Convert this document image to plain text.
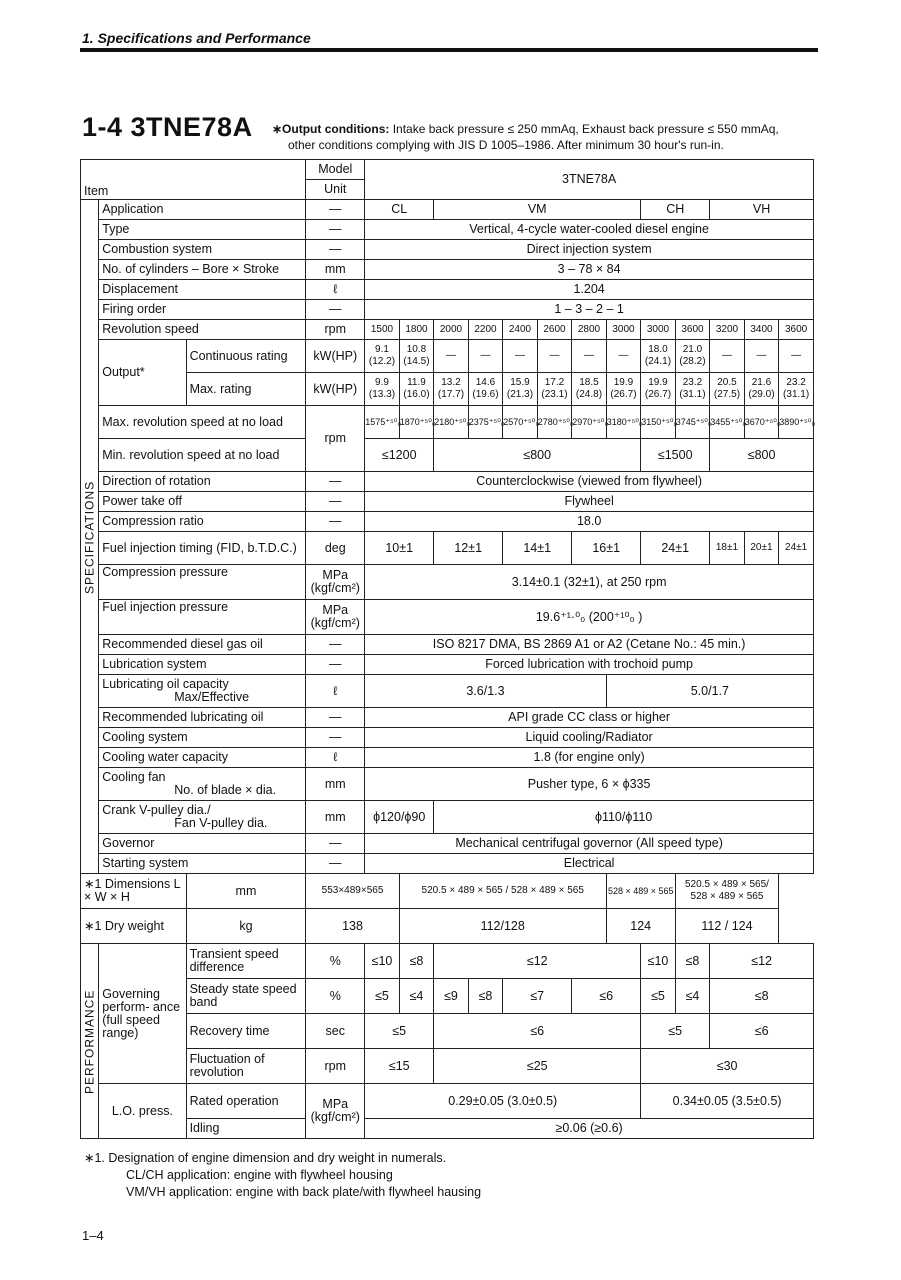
1. Specifications and Performance
1-4 3TNE78A ∗Output conditions: Intake back pressure ≤ 250 mmAq, Exhaust back pressure ≤ 550 mmAq,
other conditions complying with JIS D 1005–1986. After minimum 30 hour's run-in.
Item			Model	3TNE78A												
			Unit													
SPECIFICATIONS	Application		—	CL		VM						CH		VH		
	Type		—	Vertical, 4-cycle water-cooled diesel engine												
	Combustion system		—	Direct injection system												
	No. of cylinders – Bore × Stroke		mm	3 – 78 × 84												
	Displacement		ℓ	1.204												
	Firing order		—	1 – 3 – 2 – 1												
	Revolution speed		rpm	1500	1800	2000	2200	2400	2600	2800	3000	3000	3600	3200	3400	3600
	Output*	Continuous rating	kW(HP)	9.1 (12.2)	10.8 (14.5)	—	—	—	—	—	—	18.0 (24.1)	21.0 (28.2)	—	—	—
		Max. rating	kW(HP)	9.9 (13.3)	11.9 (16.0)	13.2 (17.7)	14.6 (19.6)	15.9 (21.3)	17.2 (23.1)	18.5 (24.8)	19.9 (26.7)	19.9 (26.7)	23.2 (31.1)	20.5 (27.5)	21.6 (29.0)	23.2 (31.1)
	Max. revolution speed at no load		rpm	1575⁺⁵⁰₀	1870⁺⁵⁰₀	2180⁺⁵⁰₀	2375⁺⁵⁰₀	2570⁺⁵⁰₀	2780⁺⁵⁰₀	2970⁺⁵⁰₀	3180⁺⁵⁰₀	3150⁺⁵⁰₀	3745⁺⁵⁰₀	3455⁺⁵⁰₀	3670⁺⁵⁰₀	3890⁺⁵⁰₀
	Min. revolution speed at no load			≤1200		≤800						≤1500		≤800		
	Direction of rotation		—	Counterclockwise (viewed from flywheel)												
	Power take off		—	Flywheel												
	Compression ratio		—	18.0												
	Fuel injection timing (FID, b.T.D.C.)		deg	10±1		12±1		14±1		16±1		24±1		18±1	20±1	24±1
	Compression pressure		MPa (kgf/cm²)	3.14±0.1 (32±1), at 250 rpm												
	Fuel injection pressure		MPa (kgf/cm²)	19.6⁺¹·⁰₀ (200⁺¹⁰₀ )												
	Recommended diesel gas oil		—	ISO 8217 DMA, BS 2869 A1 or A2 (Cetane No.: 45 min.)												
	Lubrication system		—	Forced lubrication with trochoid pump												
	Lubricating oil capacity
Max/Effective		ℓ	3.6/1.3							5.0/1.7					
	Recommended lubricating oil		—	API grade CC class or higher												
	Cooling system		—	Liquid cooling/Radiator												
	Cooling water capacity		ℓ	1.8 (for engine only)												
	Cooling fan
No. of blade × dia.		mm	Pusher type, 6 × ϕ335												
	Crank V-pulley dia./
Fan V-pulley dia.		mm	ϕ120/ϕ90		ϕ110/ϕ110										
	Governor		—	Mechanical centrifugal governor (All speed type)												
	Starting system		—	Electrical												
∗1 Dimensions L × W × H		mm	553×489×565		520.5 × 489 × 565 / 528 × 489 × 565						528 × 489 × 565		520.5 × 489 × 565/ 528 × 489 × 565			
∗1 Dry weight		kg	138		112/128						124		112 / 124			
PERFORMANCE	Governing perform- ance (full speed range)	Transient speed difference	%	≤10	≤8	≤12						≤10	≤8	≤12		
		Steady state speed band	%	≤5	≤4	≤9	≤8	≤7		≤6		≤5	≤4	≤8		
		Recovery time	sec	≤5		≤6						≤5		≤6		
		Fluctuation of revolution	rpm	≤15		≤25						≤30				
	L.O. press.	Rated operation	MPa (kgf/cm²)	0.29±0.05 (3.0±0.5)								0.34±0.05 (3.5±0.5)				
		Idling		≥0.06 (≥0.6)												
∗1. Designation of engine dimension and dry weight in numerals.
CL/CH application: engine with flywheel housing
VM/VH application: engine with back plate/with flywheel hausing
1–4
